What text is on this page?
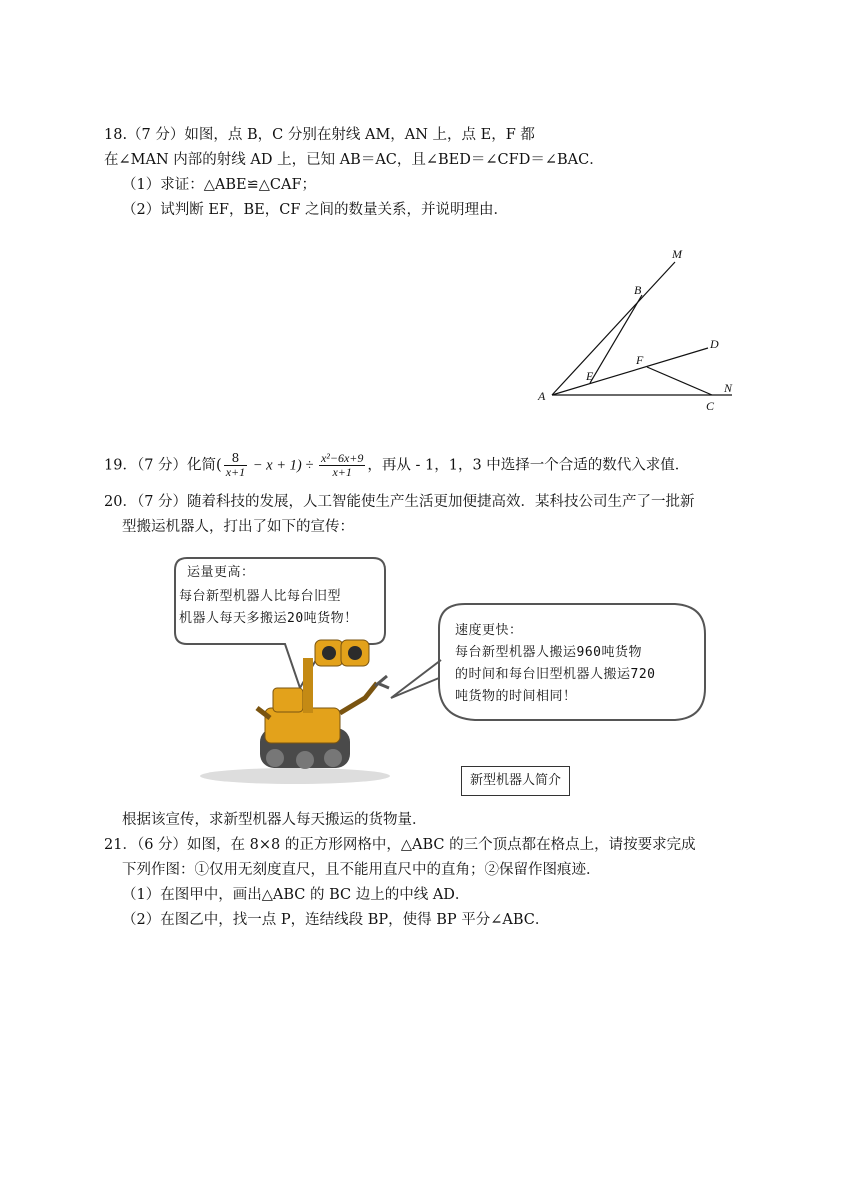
18.（7 分）如图，点 B，C 分别在射线 AM，AN 上，点 E，F 都
在∠MAN 内部的射线 AD 上，已知 AB＝AC，且∠BED＝∠CFD＝∠BAC．
（1）求证：△ABE≌△CAF；
（2）试判断 EF，BE，CF 之间的数量关系，并说明理由．
M
B
D
F
E
A
N
C
19．（7 分）化简( $\frac{8}{x+1} - x + 1) \div \frac{\text{x²−6x+9}}{x+1}$ ，再从 - 1，1，3 中选择一个合适的数代入求值．
20．（7 分）随着科技的发展，人工智能使生产生活更加便捷高效．某科技公司生产了一批新
型搬运机器人，打出了如下的宣传：
运量更高：
每台新型机器人比每台旧型
机器人每天多搬运20吨货物！
速度更快：
每台新型机器人搬运960吨货物
的时间和每台旧型机器人搬运720
吨货物的时间相同！
新型机器人简介
根据该宣传，求新型机器人每天搬运的货物量．
21．（6 分）如图，在 8×8 的正方形网格中，△ABC 的三个顶点都在格点上，请按要求完成
下列作图：①仅用无刻度直尺，且不能用直尺中的直角；②保留作图痕迹．
（1）在图甲中，画出△ABC 的 BC 边上的中线 AD．
（2）在图乙中，找一点 P，连结线段 BP，使得 BP 平分∠ABC．
